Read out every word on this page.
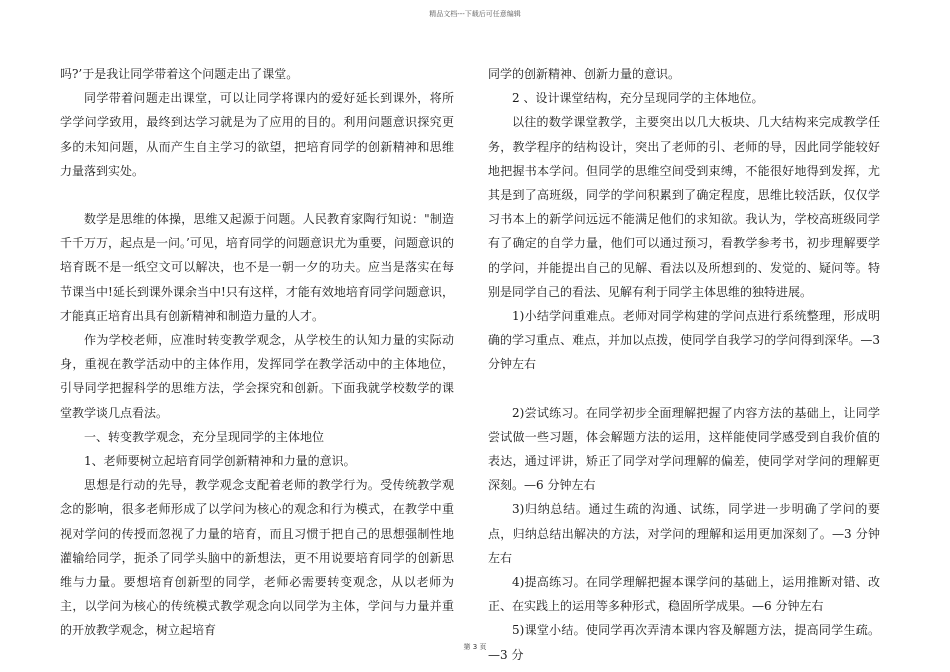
精品文档---下载后可任意编辑

吗?’于是我让同学带着这个问题走出了课堂。

同学带着问题走出课堂，可以让同学将课内的爱好延长到课外，将所学学问学致用，最终到达学习就是为了应用的目的。利用问题意识探究更多的未知问题，从而产生自主学习的欲望，把培育同学的创新精神和思维力量落到实处。

数学是思维的体操，思维又起源于问题。人民教育家陶行知说："制造千千万万，起点是一问。’可见，培育同学的问题意识尤为重要，问题意识的培育既不是一纸空文可以解决，也不是一朝一夕的功夫。应当是落实在每节课当中!延长到课外课余当中!只有这样，才能有效地培育同学问题意识，才能真正培育出具有创新精神和制造力量的人才。

作为学校老师，应准时转变教学观念，从学校生的认知力量的实际动身，重视在教学活动中的主体作用，发挥同学在教学活动中的主体地位，引导同学把握科学的思维方法，学会探究和创新。下面我就学校数学的课堂教学谈几点看法。

一、转变教学观念，充分呈现同学的主体地位

1、老师要树立起培育同学创新精神和力量的意识。

思想是行动的先导，教学观念支配着老师的教学行为。受传统教学观念的影响，很多老师形成了以学问为核心的观念和行为模式，在教学中重视对学问的传授而忽视了力量的培育，而且习惯于把自己的思想强制性地灌输给同学，扼杀了同学头脑中的新想法，更不用说要培育同学的创新思维与力量。要想培育创新型的同学，老师必需要转变观念，从以老师为主，以学问为核心的传统模式教学观念向以同学为主体，学问与力量并重的开放教学观念，树立起培育

同学的创新精神、创新力量的意识。

2 、设计课堂结构，充分呈现同学的主体地位。

以往的数学课堂教学，主要突出以几大板块、几大结构来完成教学任务，教学程序的结构设计，突出了老师的引、老师的导，因此同学能较好地把握书本学问。但同学的思维空间受到束缚，不能很好地得到发挥，尤其是到了高班级，同学的学问积累到了确定程度，思维比较活跃，仅仅学习书本上的新学问远远不能满足他们的求知欲。我认为，学校高班级同学有了确定的自学力量，他们可以通过预习，看教学参考书，初步理解要学的学问，并能提出自己的见解、看法以及所想到的、发觉的、疑问等。特别是同学自己的看法、见解有利于同学主体思维的独特进展。

1)小结学问重难点。老师对同学构建的学问点进行系统整理，形成明确的学习重点、难点，并加以点拨，使同学自我学习的学问得到深华。—3 分钟左右

2)尝试练习。在同学初步全面理解把握了内容方法的基础上，让同学尝试做一些习题，体会解题方法的运用，这样能使同学感受到自我价值的表达，通过评讲，矫正了同学对学问理解的偏差，使同学对学问的理解更深刻。—6 分钟左右

3)归纳总结。通过生疏的沟通、试练，同学进一步明确了学问的要点，归纳总结出解决的方法，对学问的理解和运用更加深刻了。—3 分钟左右

4)提高练习。在同学理解把握本课学问的基础上，运用推断对错、改正、在实践上的运用等多种形式，稳固所学成果。—6 分钟左右

5)课堂小结。使同学再次弄清本课内容及解题方法，提高同学生疏。—3 分

第 3 页
